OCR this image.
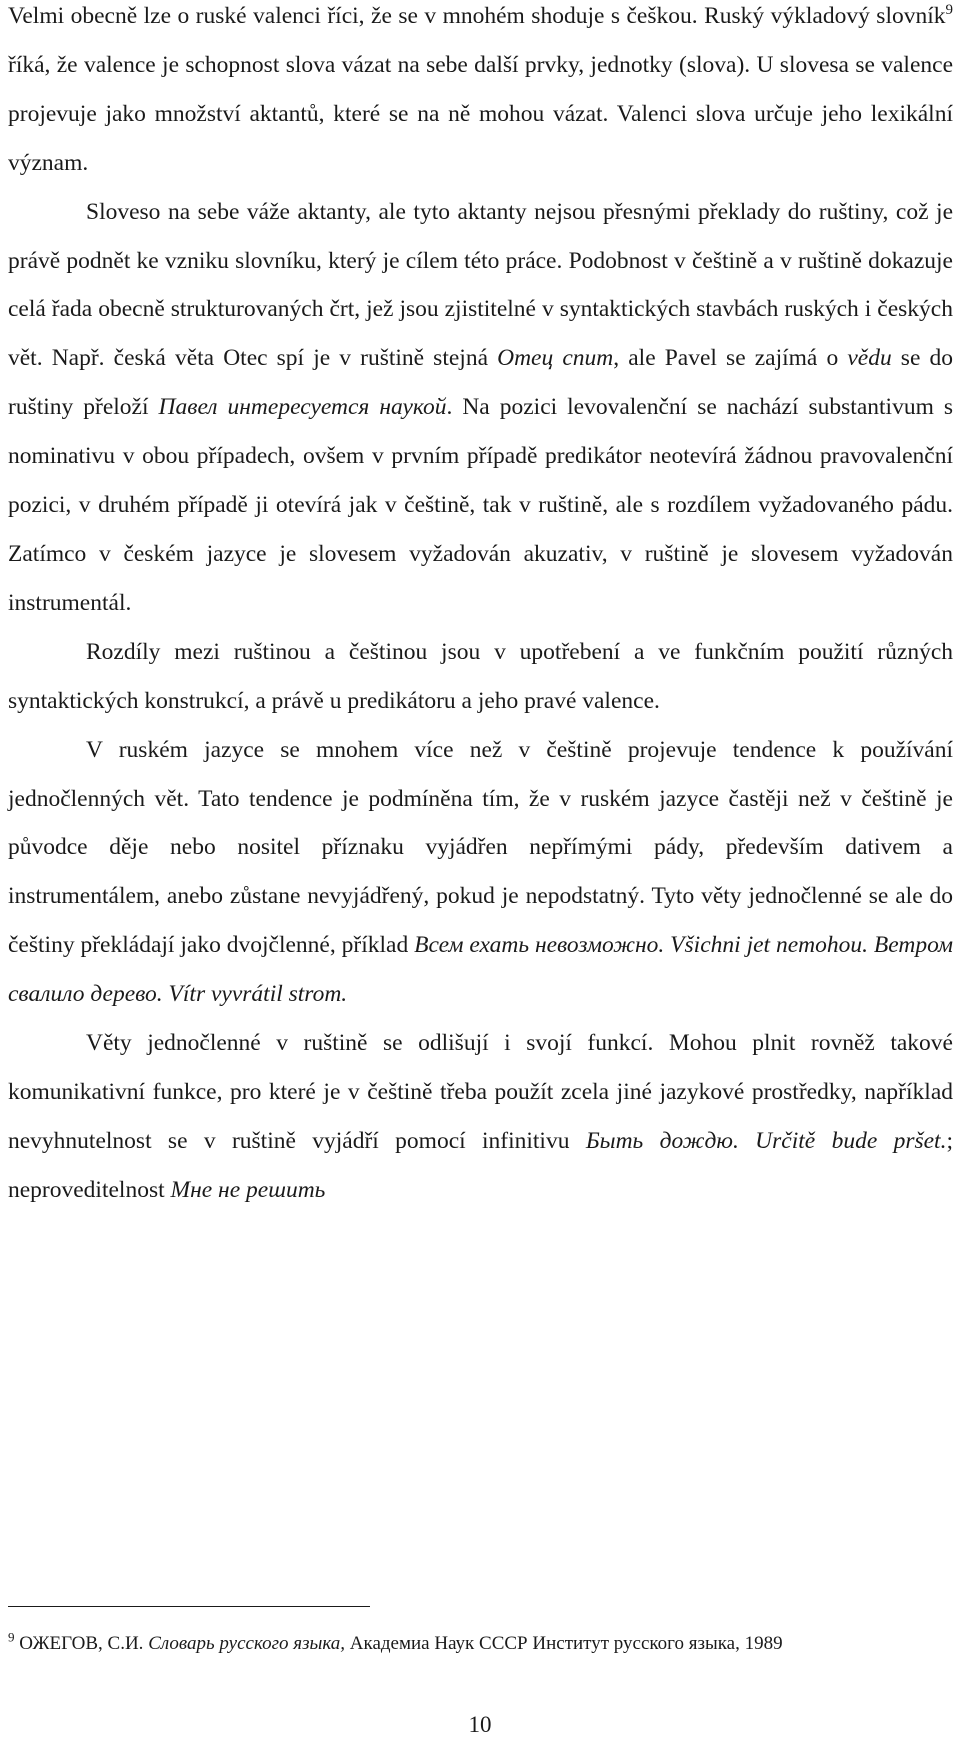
Velmi obecně lze o ruské valenci říci, že se v mnohém shoduje s češkou. Ruský výkladový slovník$^9$ říká, že valence je schopnost slova vázat na sebe další prvky, jednotky (slova). U slovesa se valence projevuje jako množství aktantů, které se na ně mohou vázat. Valenci slova určuje jeho lexikální význam.

Sloveso na sebe váže aktanty, ale tyto aktanty nejsou přesnými překlady do ruštiny, což je právě podnět ke vzniku slovníku, který je cílem této práce. Podobnost v češtině a v ruštině dokazuje celá řada obecně strukturovaných črt, jež jsou zjistitelné v syntaktických stavbách ruských i českých vět. Např. česká věta Otec spí je v ruštině stejná Отец спит, ale Pavel se zajímá o vědu se do ruštiny přeloží Павел интересуется наукой. Na pozici levovalenční se nachází substantivum s nominativu v obou případech, ovšem v prvním případě predikátor neotevírá žádnou pravovalenční pozici, v druhém případě ji otevírá jak v češtině, tak v ruštině, ale s rozdílem vyžadovaného pádu. Zatímco v českém jazyce je slovesem vyžadován akuzativ, v ruštině je slovesem vyžadován instrumentál.

Rozdíly mezi ruštinou a češtinou jsou v upotřebení a ve funkčním použití různých syntaktických konstrukcí, a právě u predikátoru a jeho pravé valence.

V ruském jazyce se mnohem více než v češtině projevuje tendence k používání jednočlenných vět. Tato tendence je podmíněna tím, že v ruském jazyce častěji než v češtině je původce děje nebo nositel příznaku vyjádřen nepřímými pády, především dativem a instrumentálem, anebo zůstane nevyjádřený, pokud je nepodstatný. Tyto věty jednočlenné se ale do češtiny překládají jako dvojčlenné, příklad Всем ехать невозможно. Všichni jet nemohou. Ветром свалило дерево. Vítr vyvrátil strom.

Věty jednočlenné v ruštině se odlišují i svojí funkcí. Mohou plnit rovněž takové komunikativní funkce, pro které je v češtině třeba použít zcela jiné jazykové prostředky, například nevyhnutelnost se v ruštině vyjádří pomocí infinitivu Быть дождю. Určitě bude pršet.; neproveditelnost Мне не решить

$^9$ ОЖЕГОВ, С.И. Словарь русского языка, Академиа Наук СССР Институт русского языка, 1989

10
